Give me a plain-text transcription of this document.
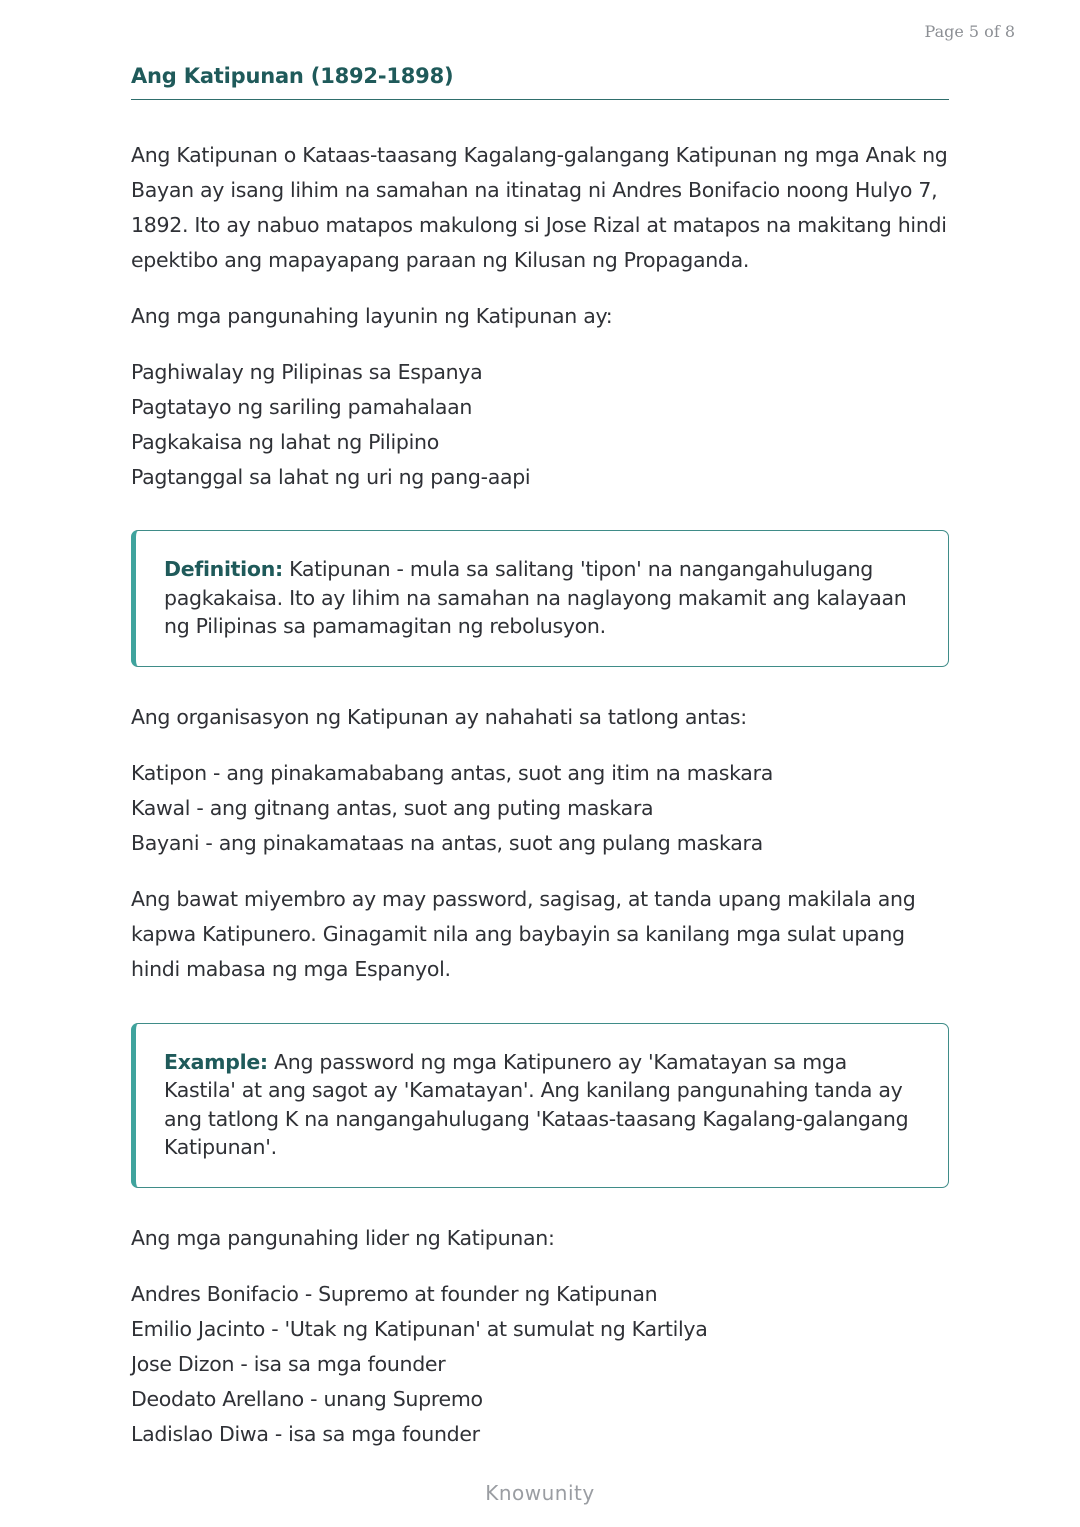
Page 5 of 8
Ang Katipunan (1892-1898)

Ang Katipunan o Kataas-taasang Kagalang-galangang Katipunan ng mga Anak ng Bayan ay isang lihim na samahan na itinatag ni Andres Bonifacio noong Hulyo 7, 1892. Ito ay nabuo matapos makulong si Jose Rizal at matapos na makitang hindi epektibo ang mapayapang paraan ng Kilusan ng Propaganda.

Ang mga pangunahing layunin ng Katipunan ay:

Paghiwalay ng Pilipinas sa Espanya
Pagtatayo ng sariling pamahalaan
Pagkakaisa ng lahat ng Pilipino
Pagtanggal sa lahat ng uri ng pang-aapi
Definition: Katipunan - mula sa salitang 'tipon' na nangangahulugang pagkakaisa. Ito ay lihim na samahan na naglayong makamit ang kalayaan ng Pilipinas sa pamamagitan ng rebolusyon.

Ang organisasyon ng Katipunan ay nahahati sa tatlong antas:

Katipon - ang pinakamababang antas, suot ang itim na maskara
Kawal - ang gitnang antas, suot ang puting maskara
Bayani - ang pinakamataas na antas, suot ang pulang maskara

Ang bawat miyembro ay may password, sagisag, at tanda upang makilala ang kapwa Katipunero. Ginagamit nila ang baybayin sa kanilang mga sulat upang hindi mabasa ng mga Espanyol.

Example: Ang password ng mga Katipunero ay 'Kamatayan sa mga Kastila' at ang sagot ay 'Kamatayan'. Ang kanilang pangunahing tanda ay ang tatlong K na nangangahulugang 'Kataas-taasang Kagalang-galangang Katipunan'.

Ang mga pangunahing lider ng Katipunan:

Andres Bonifacio - Supremo at founder ng Katipunan
Emilio Jacinto - 'Utak ng Katipunan' at sumulat ng Kartilya
Jose Dizon - isa sa mga founder
Deodato Arellano - unang Supremo
Ladislao Diwa - isa sa mga founder
Knowunity
